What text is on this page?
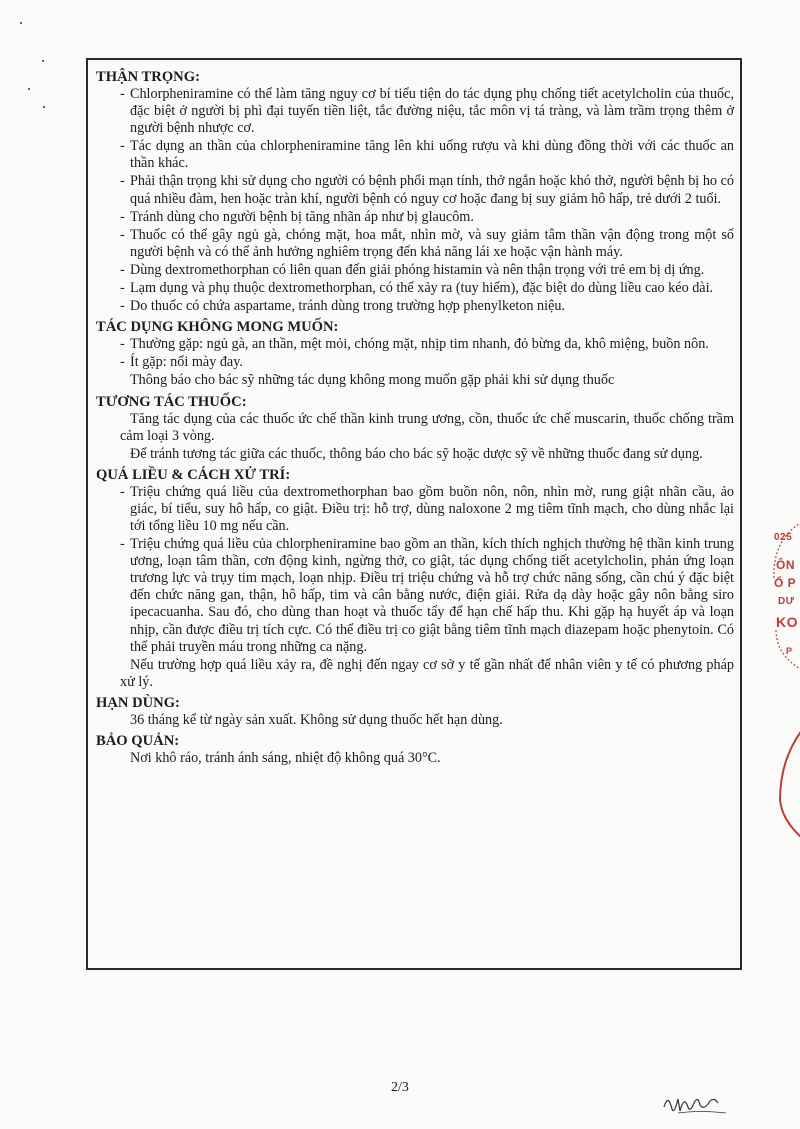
THẬN TRỌNG:
- Chlorpheniramine có thể làm tăng nguy cơ bí tiểu tiện do tác dụng phụ chống tiết acetylcholin của thuốc, đặc biệt ở người bị phì đại tuyến tiền liệt, tắc đường niệu, tắc môn vị tá tràng, và làm trầm trọng thêm ở người bệnh nhược cơ.
- Tác dụng an thần của chlorpheniramine tăng lên khi uống rượu và khi dùng đồng thời với các thuốc an thần khác.
- Phải thận trọng khi sử dụng cho người có bệnh phổi mạn tính, thở ngắn hoặc khó thở, người bệnh bị ho có quá nhiều đàm, hen hoặc tràn khí, người bệnh có nguy cơ hoặc đang bị suy giảm hô hấp, trẻ dưới 2 tuổi.
- Tránh dùng cho người bệnh bị tăng nhãn áp như bị glaucôm.
- Thuốc có thể gây ngủ gà, chóng mặt, hoa mắt, nhìn mờ, và suy giảm tâm thần vận động trong một số người bệnh và có thể ảnh hưởng nghiêm trọng đến khả năng lái xe hoặc vận hành máy.
- Dùng dextromethorphan có liên quan đến giải phóng histamin và nên thận trọng với trẻ em bị dị ứng.
- Lạm dụng và phụ thuộc dextromethorphan, có thể xảy ra (tuy hiếm), đặc biệt do dùng liều cao kéo dài.
- Do thuốc có chứa aspartame, tránh dùng trong trường hợp phenylketon niệu.
TÁC DỤNG KHÔNG MONG MUỐN:
- Thường gặp: ngủ gà, an thần, mệt mỏi, chóng mặt, nhịp tim nhanh, đỏ bừng da, khô miệng, buồn nôn.
- Ít gặp: nổi mày đay.

Thông báo cho bác sỹ những tác dụng không mong muốn gặp phải khi sử dụng thuốc

TƯƠNG TÁC THUỐC:

Tăng tác dụng của các thuốc ức chế thần kinh trung ương, cồn, thuốc ức chế muscarin, thuốc chống trầm cảm loại 3 vòng.

Để tránh tương tác giữa các thuốc, thông báo cho bác sỹ hoặc dược sỹ về những thuốc đang sử dụng.

QUÁ LIỀU & CÁCH XỬ TRÍ:
- Triệu chứng quá liều của dextromethorphan bao gồm buồn nôn, nôn, nhìn mờ, rung giật nhãn cầu, ảo giác, bí tiểu, suy hô hấp, co giật. Điều trị: hỗ trợ, dùng naloxone 2 mg tiêm tĩnh mạch, cho dùng nhắc lại tới tổng liều 10 mg nếu cần.
- Triệu chứng quá liều của chlorpheniramine bao gồm an thần, kích thích nghịch thường hệ thần kinh trung ương, loạn tâm thần, cơn động kinh, ngừng thở, co giật, tác dụng chống tiết acetylcholin, phản ứng loạn trương lực và trụy tim mạch, loạn nhịp. Điều trị triệu chứng và hỗ trợ chức năng sống, cần chú ý đặc biệt đến chức năng gan, thận, hô hấp, tim và cân bằng nước, điện giải. Rửa dạ dày hoặc gây nôn bằng siro ipecacuanha. Sau đó, cho dùng than hoạt và thuốc tẩy để hạn chế hấp thu. Khi gặp hạ huyết áp và loạn nhịp, cần được điều trị tích cực. Có thể điều trị co giật bằng tiêm tĩnh mạch diazepam hoặc phenytoin. Có thể phải truyền máu trong những ca nặng.

Nếu trường hợp quá liều xảy ra, đề nghị đến ngay cơ sở y tế gần nhất để nhân viên y tế có phương pháp xử lý.

HẠN DÙNG:

36 tháng kể từ ngày sản xuất. Không sử dụng thuốc hết hạn dùng.

BẢO QUẢN:

Nơi khô ráo, tránh ánh sáng, nhiệt độ không quá 30°C.

025
ÔN
Ổ P
DƯ
KO
P
2/3
